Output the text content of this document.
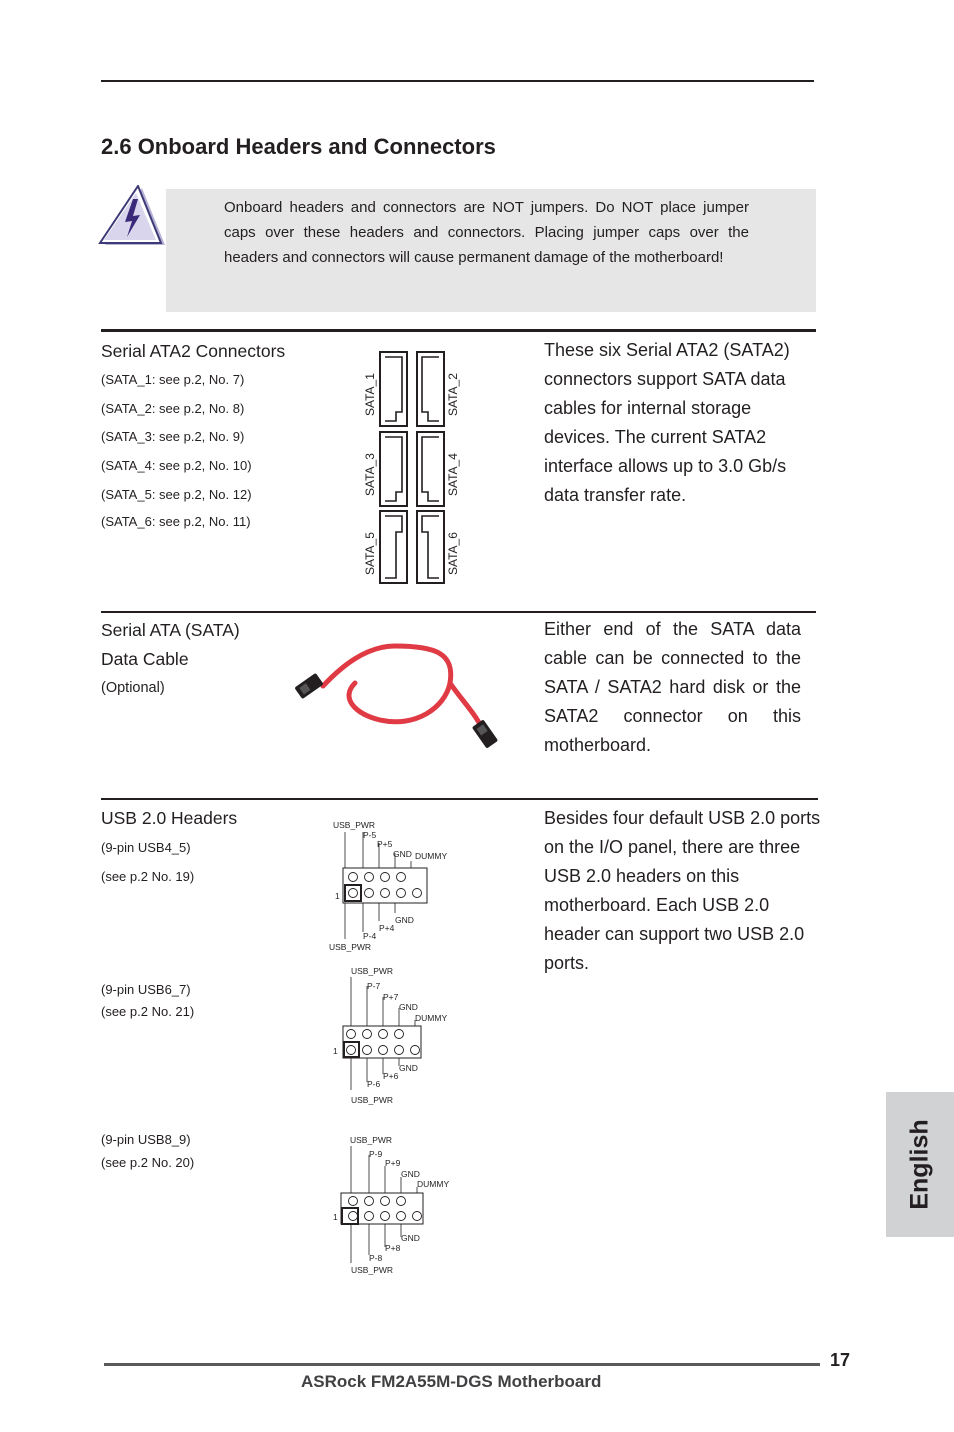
2.6 Onboard Headers and Connectors
Onboard headers and connectors are NOT jumpers. Do NOT place jumper caps over these headers and connectors. Placing jumper caps over the headers and connectors will cause permanent damage of the motherboard!
Serial ATA2 Connectors
(SATA_1: see p.2, No. 7)
(SATA_2: see p.2, No. 8)
(SATA_3: see p.2, No. 9)
(SATA_4: see p.2, No. 10)
(SATA_5: see p.2, No. 12)
(SATA_6: see p.2, No. 11)
SATA_1	SATA_2
SATA_3	SATA_4
SATA_5	SATA_6
These six Serial ATA2 (SATA2) connectors support SATA data cables for internal storage devices. The current SATA2 interface allows up to 3.0 Gb/s data transfer rate.
Serial ATA (SATA)
Data Cable
(Optional)
Either end of the SATA data cable can be connected to the SATA / SATA2 hard disk or the SATA2 connector on this motherboard.
USB 2.0 Headers
(9-pin USB4_5)
(see p.2 No. 19)
(9-pin USB6_7)
(see p.2 No. 21)
(9-pin USB8_9)
(see p.2 No. 20)
USB_PWR
P-5
P+5
GND DUMMY
1
GND
P+4
P-4
USB_PWR
USB_PWR
P-7
P+7
GND
DUMMY
1
GND
P+6
P-6
USB_PWR
USB_PWR
P-9
P+9
GND
DUMMY
1
GND
P+8
P-8
USB_PWR
Besides four default USB 2.0 ports on the I/O panel, there are three USB 2.0 headers on this motherboard. Each USB 2.0 header can support two USB 2.0 ports.
English
17
ASRock FM2A55M-DGS Motherboard
